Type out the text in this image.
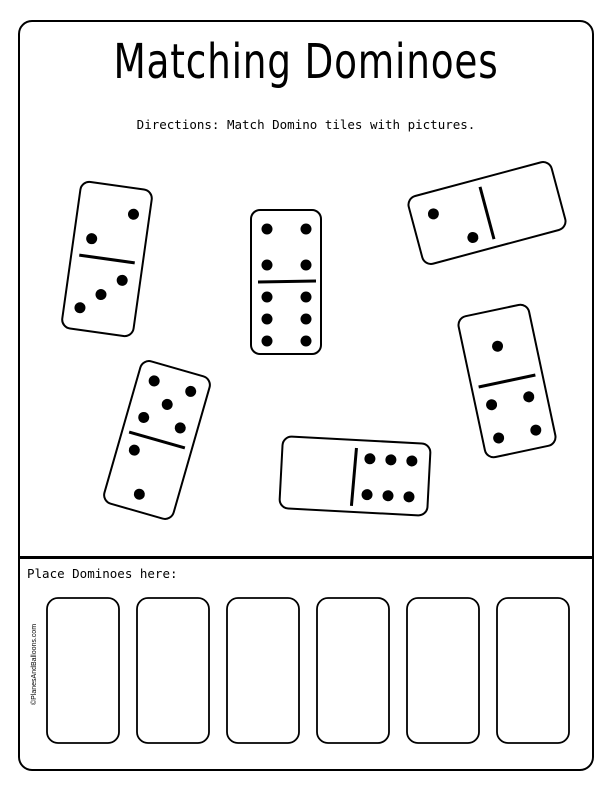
Matching Dominoes
Directions: Match Domino tiles with pictures.
Place Dominoes here:
©PlanesAndBalloons.com
